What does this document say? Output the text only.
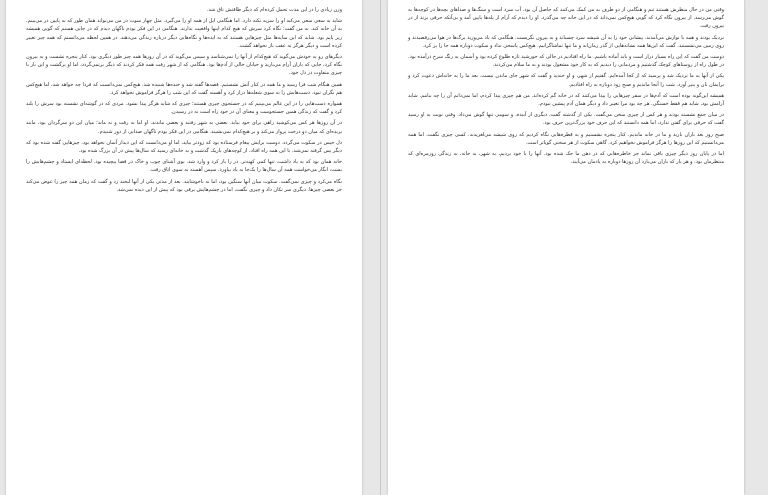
وزن زیادی را در این مدت تحمل کرده‌ام که دیگر طاقتش تاق شد.

شاید به سعی سعی می‌کند او را سربه نکته دارد. اما هنگامی ایل از همه او را می‌گیرد. مثل چهار سوت در من می‌تواند همان طور که به پایین در می‌بینم، به آن خانه کند. به من گفت؛ نگاه کرد سرش که هیچ کدام اینها واقعیت ندارند. هنگامی در این فکر بودم ناگهان دیدم که در جایی هستم که گویی همیشه زیر پایم بود. شاید که این سایه‌ها مثل چیزهایی هستند که به ایده‌ها و نگاه‌هایی دیگر درباره زندگی می‌دهند. در همین لحظه می‌دانستم که همه چیز تغییر کرده است و دیگر هرگز به عقب باز نخواهد گشت.

دیگرهای رو به خودش می‌گوید که هیچ‌کدام از آنها را نمی‌شناسد و سپس می‌گوید که در آن روزها همه چیز طور دیگری بود. کنار پنجره نشست و به بیرون نگاه کرد، جایی که باران آرام می‌بارید و خیابان خالی از آدم‌ها بود. هنگامی که از شهر رفت همه فکر کردند که دیگر برنمی‌گردد، اما او برگشت و این بار با چیزی متفاوت در دل خود.

همین هنگام شب فرا رسید و ما همه در کنار آتش نشستیم. قصه‌ها گفته شد و خنده‌ها شنیده شد. هیچ‌کس نمی‌دانست که فردا چه خواهد شد، اما هیچ‌کس هم نگران نبود. دست‌هایش را به سوی شعله‌ها دراز کرد و آهسته گفت که این شب را هرگز فراموش نخواهد کرد.

همواره دست‌هایی را در این عالم می‌بینیم که در جستجوی چیزی هستند؛ چیزی که شاید هرگز پیدا نشود. مردی که در گوشه‌ای نشسته بود سرش را بلند کرد و گفت که زندگی همین جستجوست و معنای آن در خود راه است نه در رسیدن.

در آن روزها هر کس می‌کوشید راهی برای خود بیابد. بعضی به شهر رفتند و بعضی ماندند. او اما نه رفت و نه ماند؛ میان این دو سرگردان بود، مانند پرنده‌ای که میان دو درخت پرواز می‌کند و بر هیچ‌کدام نمی‌نشیند. هنگامی در این فکر بودم ناگهان صدایی از دور شنیدم.

دل خیس در سکوت می‌گردد. دوست برایش پیغام فرستاده بود که زودتر بیاید، اما او می‌دانست که این دیدار آسان نخواهد بود. چیزهایی گفته شده بود که دیگر پس گرفته نمی‌شد. با این همه راه افتاد، از کوچه‌های باریک گذشت و به خانه‌ای رسید که سال‌ها پیش در آن بزرگ شده بود.

خانه همان بود که به یاد داشت، تنها کمی کهنه‌تر. در را باز کرد و وارد شد. بوی آشنای چوب و خاک در فضا پیچیده بود. لحظه‌ای ایستاد و چشم‌هایش را بست، انگار می‌خواست همه آن سال‌ها را یک‌جا به یاد بیاورد. سپس آهسته به سوی اتاق رفت.

نگاه می‌کرد و چیزی نمی‌گفت. سکوت میان آنها سنگین بود، اما نه ناخوشایند. بعد از مدتی یکی از آنها لبخند زد و گفت که زمان همه چیز را عوض می‌کند جز بعضی چیزها. دیگری سر تکان داد و چیزی نگفت، اما در چشم‌هایش برقی بود که پیش از این دیده نمی‌شد.

وقتی من در حال منظرش هستند تنم و هنگامی از دو طرف به من کمک می‌کنند که حاصل آن بود. آب سرد است و سنگ‌ها و صداهای بچه‌ها در کوچه‌ها به گوش می‌رسد. از بیرون نگاه کرد که گویی هیچ‌کس نمی‌داند که در این خانه چه می‌گذرد. او را دیدم که آرام از پله‌ها پایین آمد و بی‌آنکه حرفی بزند از در بیرون رفت.

نزدیک بودند و همه با نوازش می‌آمدند. پیشانی خود را به آن شیشه سرد چسباند و به بیرون نگریست. هنگامی که باد می‌وزید برگ‌ها در هوا می‌رقصیدند و روی زمین می‌نشستند. گفت که این‌ها همه نشانه‌هایی از گذر زمان‌اند و ما تنها تماشاگرانیم. هیچ‌کس پاسخی نداد و سکوت دوباره همه جا را پر کرد.

دوست من گفت که این راه بسیار دراز است و باید آماده باشیم. ما راه افتادیم در حالی که خورشید تازه طلوع کرده بود و آسمان به رنگ سرخ درآمده بود. در طول راه از روستاهای کوچک گذشتیم و مردمانی را دیدیم که به کار خود مشغول بودند و به ما سلام می‌کردند.

یکی از آنها به ما نزدیک شد و پرسید که از کجا آمده‌ایم. گفتیم از شهر، و او خندید و گفت که شهر جای ماندن نیست. بعد ما را به خانه‌اش دعوت کرد و برایمان نان و پنیر آورد. شب را آنجا ماندیم و صبح زود دوباره به راه افتادیم.

همیشه این‌گونه بوده است که آدم‌ها در سفر چیزهایی را پیدا می‌کنند که در خانه گم کرده‌اند. من هم چیزی پیدا کردم، اما نمی‌دانم آن را چه بنامم. شاید آرامش بود، شاید هم فقط خستگی. هر چه بود مرا تغییر داد و دیگر همان آدم پیشین نبودم.

در میان جمع نشسته بودند و هر کس از چیزی سخن می‌گفت. یکی از گذشته گفت، دیگری از آینده، و سومی تنها گوش می‌داد. وقتی نوبت به او رسید گفت که حرفی برای گفتن ندارد، اما همه دانستند که این حرف خود بزرگ‌ترین حرف بود.

صبح روز بعد باران بارید و ما در خانه ماندیم. کنار پنجره نشستیم و به قطره‌هایی نگاه کردیم که روی شیشه می‌لغزیدند. کسی چیزی نگفت، اما همه می‌دانستیم که این روزها را هرگز فراموش نخواهیم کرد. گاهی سکوت از هر سخنی گویاتر است.

اما در پایان روز دیگر چیزی باقی نماند جز خاطره‌هایی که در ذهن ما حک شده بود. آنها را با خود بردیم، به شهر، به خانه، به زندگی روزمره‌ای که منتظرمان بود. و هر بار که باران می‌بارد آن روزها دوباره به یادمان می‌آیند.
